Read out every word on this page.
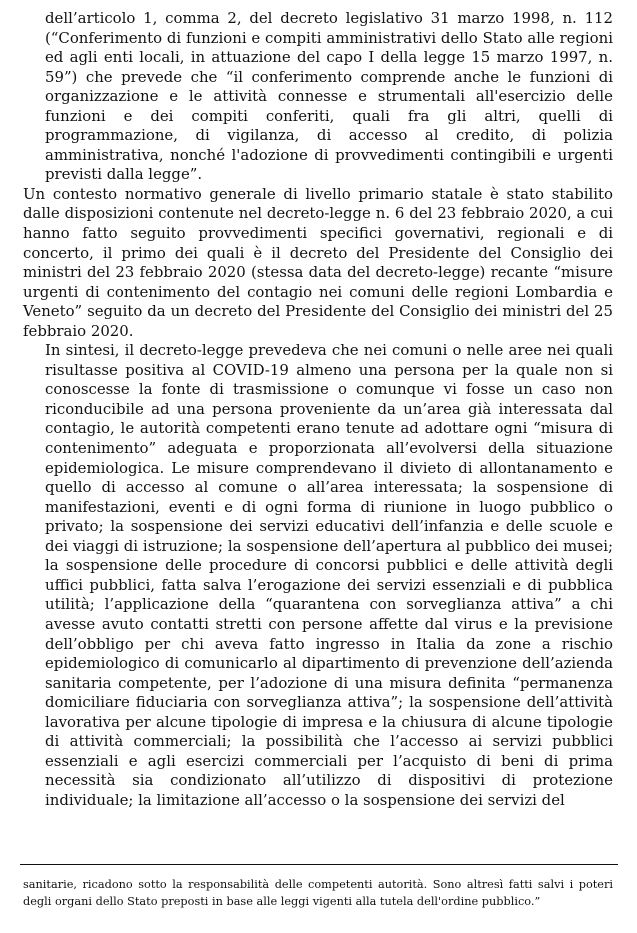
dell’articolo 1, comma 2, del decreto legislativo 31 marzo 1998, n. 112 (“Conferimento di funzioni e compiti amministrativi dello Stato alle regioni ed agli enti locali, in attuazione del capo I della legge 15 marzo 1997, n. 59”) che prevede che “il conferimento comprende anche le funzioni di organizzazione e le attività connesse e strumentali all'esercizio delle funzioni e dei compiti conferiti, quali fra gli altri, quelli di programmazione, di vigilanza, di accesso al credito, di polizia amministrativa, nonché l'adozione di provvedimenti contingibili e urgenti previsti dalla legge”.

Un contesto normativo generale di livello primario statale è stato stabilito dalle disposizioni contenute nel decreto-legge n. 6 del 23 febbraio 2020, a cui hanno fatto seguito provvedimenti specifici governativi, regionali e di concerto, il primo dei quali è il decreto del Presidente del Consiglio dei ministri del 23 febbraio 2020 (stessa data del decreto-legge) recante “misure urgenti di contenimento del contagio nei comuni delle regioni Lombardia e Veneto” seguito da un decreto del Presidente del Consiglio dei ministri del 25 febbraio 2020.

In sintesi, il decreto-legge prevedeva che nei comuni o nelle aree nei quali risultasse positiva al COVID-19 almeno una persona per la quale non si conoscesse la fonte di trasmissione o comunque vi fosse un caso non riconducibile ad una persona proveniente da un’area già interessata dal contagio, le autorità competenti erano tenute ad adottare ogni “misura di contenimento” adeguata e proporzionata all’evolversi della situazione epidemiologica. Le misure comprendevano il divieto di allontanamento e quello di accesso al comune o all’area interessata; la sospensione di manifestazioni, eventi e di ogni forma di riunione in luogo pubblico o privato; la sospensione dei servizi educativi dell’infanzia e delle scuole e dei viaggi di istruzione; la sospensione dell’apertura al pubblico dei musei; la sospensione delle procedure di concorsi pubblici e delle attività degli uffici pubblici, fatta salva l’erogazione dei servizi essenziali e di pubblica utilità; l’applicazione della “quarantena con sorveglianza attiva” a chi avesse avuto contatti stretti con persone affette dal virus e la previsione dell’obbligo per chi aveva fatto ingresso in Italia da zone a rischio epidemiologico di comunicarlo al dipartimento di prevenzione dell’azienda sanitaria competente, per l’adozione di una misura definita “permanenza domiciliare fiduciaria con sorveglianza attiva”; la sospensione dell’attività lavorativa per alcune tipologie di impresa e la chiusura di alcune tipologie di attività commerciali; la possibilità che l’accesso ai servizi pubblici essenziali e agli esercizi commerciali per l’acquisto di beni di prima necessità sia condizionato all’utilizzo di dispositivi di protezione individuale; la limitazione all’accesso o la sospensione dei servizi del

sanitarie, ricadono sotto la responsabilità delle competenti autorità. Sono altresì fatti salvi i poteri degli organi dello Stato preposti in base alle leggi vigenti alla tutela dell'ordine pubblico.”
